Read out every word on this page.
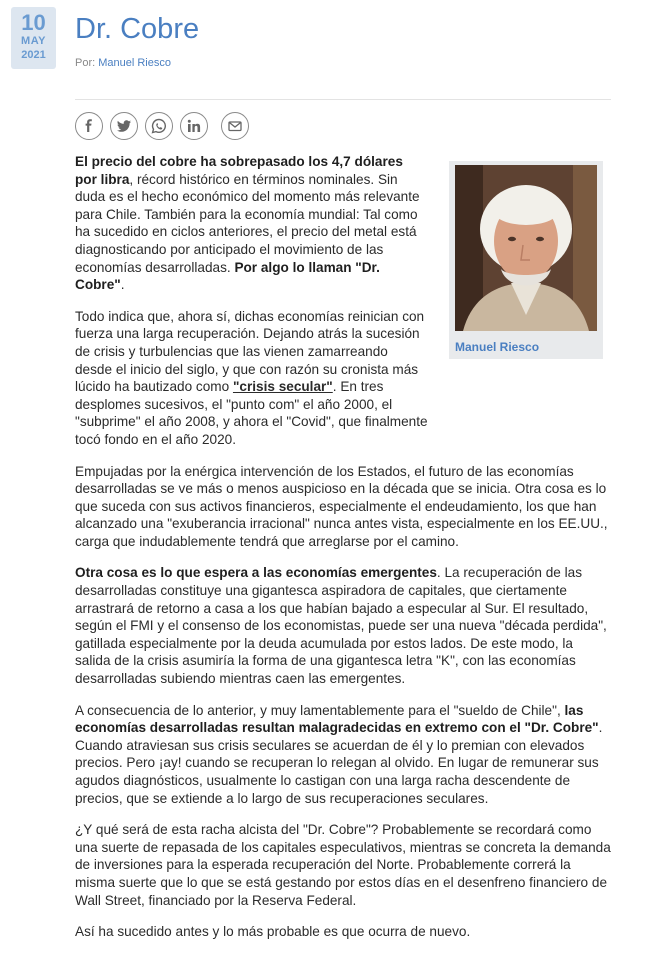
10
MAY
2021
Dr. Cobre
Por: Manuel Riesco
Manuel Riesco

El precio del cobre ha sobrepasado los 4,7 dólares por libra, récord histórico en términos nominales. Sin duda es el hecho económico del momento más relevante para Chile. También para la economía mundial: Tal como ha sucedido en ciclos anteriores, el precio del metal está diagnosticando por anticipado el movimiento de las economías desarrolladas. Por algo lo llaman "Dr. Cobre".

Todo indica que, ahora sí, dichas economías reinician con fuerza una larga recuperación. Dejando atrás la sucesión de crisis y turbulencias que las vienen zamarreando desde el inicio del siglo, y que con razón su cronista más lúcido ha bautizado como "crisis secular". En tres desplomes sucesivos, el "punto com" el año 2000, el "subprime" el año 2008, y ahora el "Covid", que finalmente tocó fondo en el año 2020.

Empujadas por la enérgica intervención de los Estados, el futuro de las economías desarrolladas se ve más o menos auspicioso en la década que se inicia. Otra cosa es lo que suceda con sus activos financieros, especialmente el endeudamiento, los que han alcanzado una "exuberancia irracional" nunca antes vista, especialmente en los EE.UU., carga que indudablemente tendrá que arreglarse por el camino.

Otra cosa es lo que espera a las economías emergentes. La recuperación de las desarrolladas constituye una gigantesca aspiradora de capitales, que ciertamente arrastrará de retorno a casa a los que habían bajado a especular al Sur. El resultado, según el FMI y el consenso de los economistas, puede ser una nueva "década perdida", gatillada especialmente por la deuda acumulada por estos lados. De este modo, la salida de la crisis asumiría la forma de una gigantesca letra "K", con las economías desarrolladas subiendo mientras caen las emergentes.

A consecuencia de lo anterior, y muy lamentablemente para el "sueldo de Chile", las economías desarrolladas resultan malagradecidas en extremo con el "Dr. Cobre". Cuando atraviesan sus crisis seculares se acuerdan de él y lo premian con elevados precios. Pero ¡ay! cuando se recuperan lo relegan al olvido. En lugar de remunerar sus agudos diagnósticos, usualmente lo castigan con una larga racha descendente de precios, que se extiende a lo largo de sus recuperaciones seculares.

¿Y qué será de esta racha alcista del "Dr. Cobre"? Probablemente se recordará como una suerte de repasada de los capitales especulativos, mientras se concreta la demanda de inversiones para la esperada recuperación del Norte. Probablemente correrá la misma suerte que lo que se está gestando por estos días en el desenfreno financiero de Wall Street, financiado por la Reserva Federal.

Así ha sucedido antes y lo más probable es que ocurra de nuevo.
